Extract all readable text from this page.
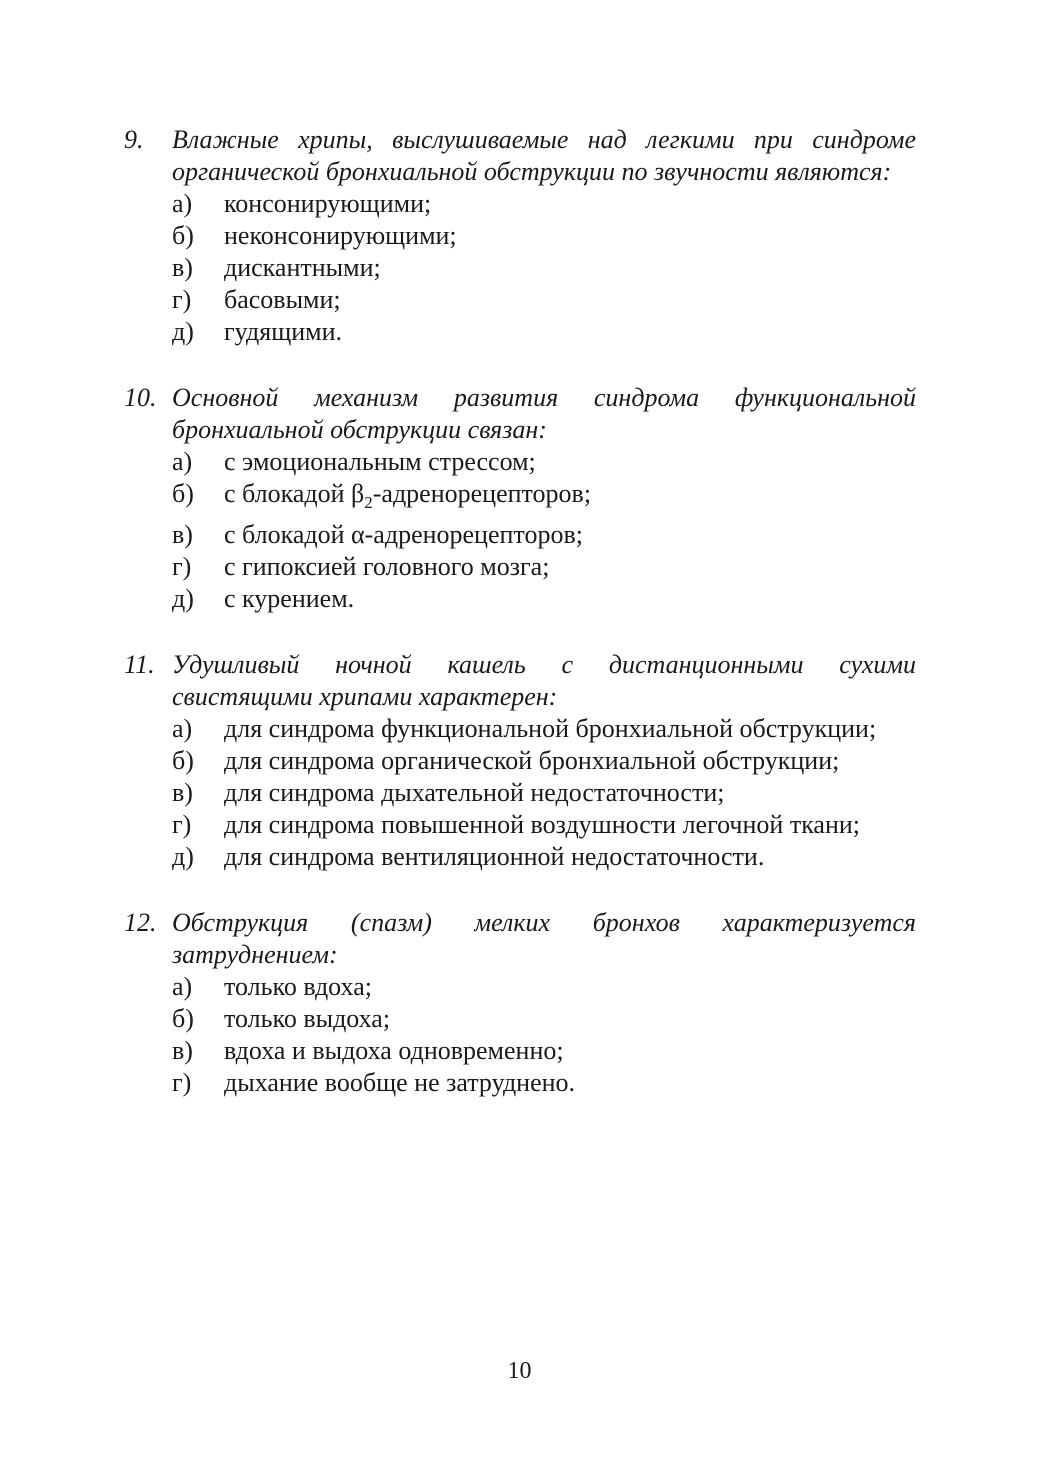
9.	Влажные хрипы, выслушиваемые над легкими при синдроме органической бронхиальной обструкции по звучности являются:
а)	консонирующими;
б)	неконсонирующими;
в)	дискантными;
г)	басовыми;
д)	гудящими.
10. Основной механизм развития синдрома функциональной бронхиальной обструкции связан:
а)	с эмоциональным стрессом;
б)	с блокадой $\beta_2$-адренорецепторов;
в)	с блокадой α-адренорецепторов;
г)	с гипоксией головного мозга;
д)	с курением.
11. Удушливый ночной кашель с дистанционными сухими свистящими хрипами характерен:
а)	для синдрома функциональной бронхиальной обструкции;
б)	для синдрома органической бронхиальной обструкции;
в)	для синдрома дыхательной недостаточности;
г)	для синдрома повышенной воздушности легочной ткани;
д)	для синдрома вентиляционной недостаточности.
12. Обструкция (спазм) мелких бронхов характеризуется затруднением:
а)	только вдоха;
б)	только выдоха;
в)	вдоха и выдоха одновременно;
г)	дыхание вообще не затруднено.
10
